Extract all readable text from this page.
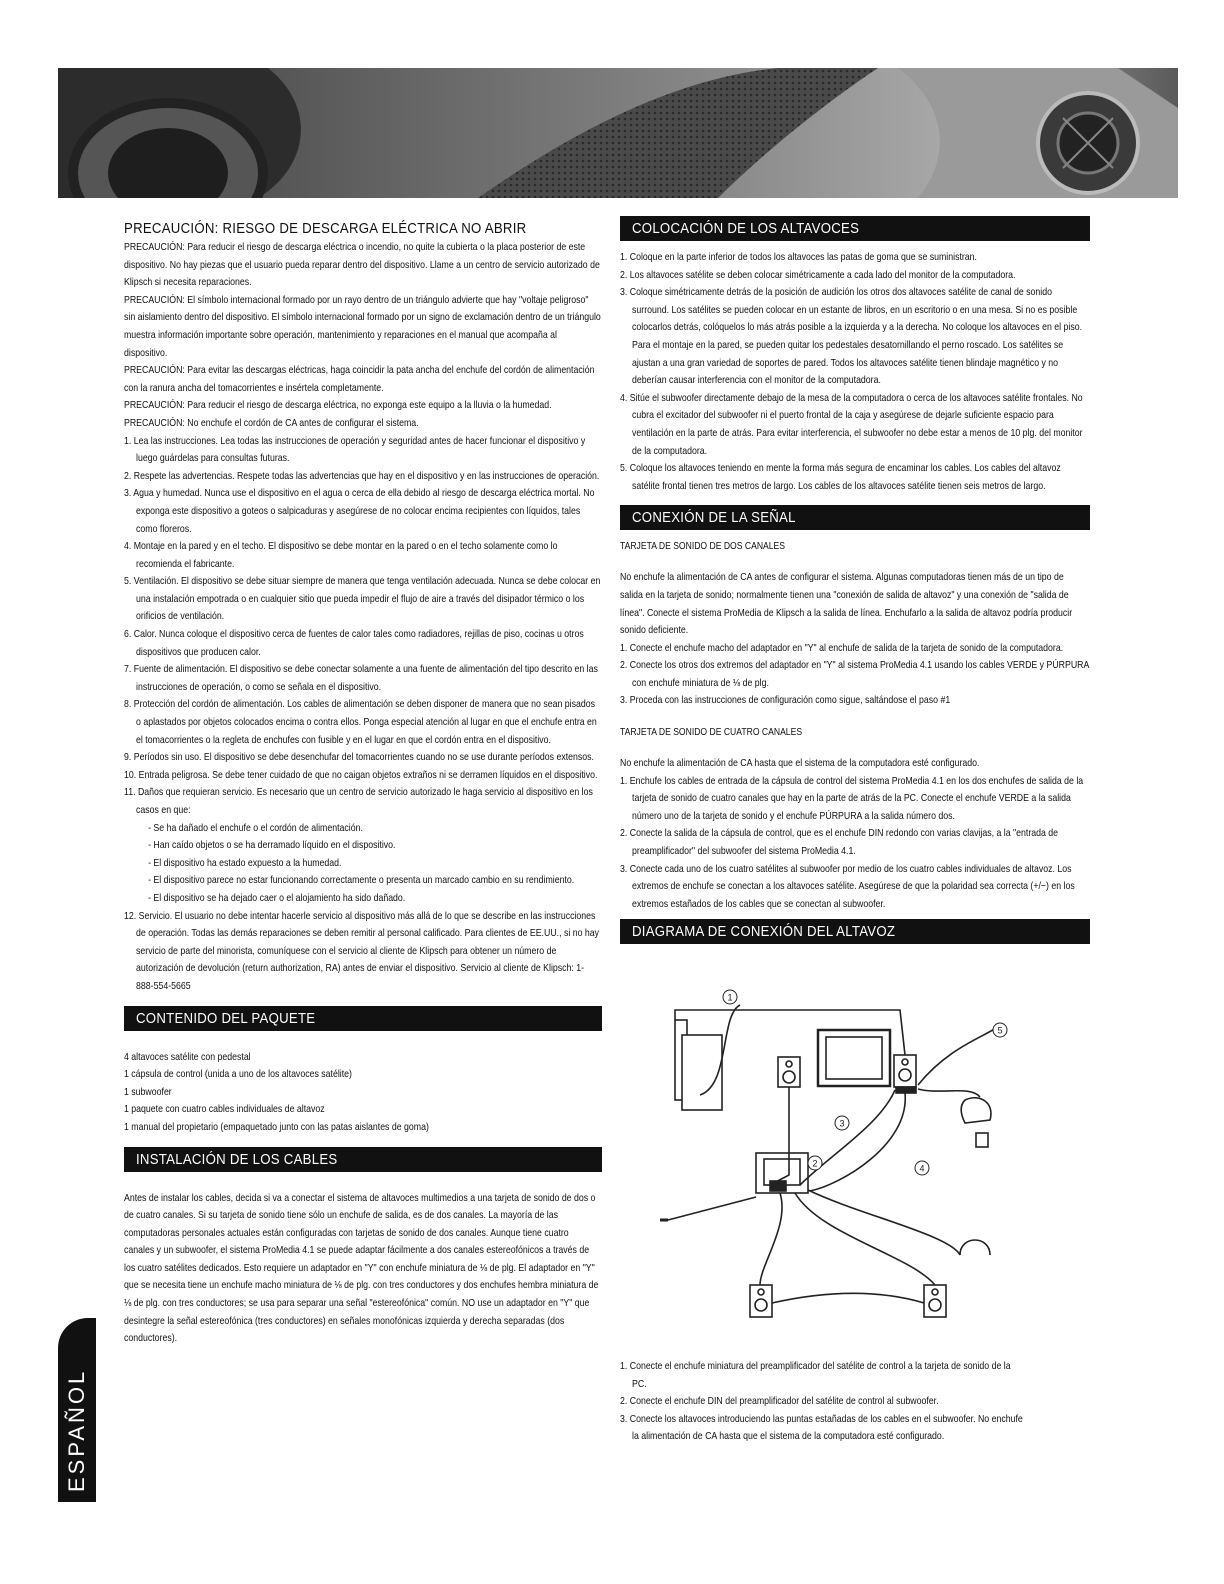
PRECAUCIÓN: RIESGO DE DESCARGA ELÉCTRICA NO ABRIR

PRECAUCIÓN: Para reducir el riesgo de descarga eléctrica o incendio, no quite la cubierta o la placa posterior de este dispositivo. No hay piezas que el usuario pueda reparar dentro del dispositivo. Llame a un centro de servicio autorizado de Klipsch si necesita reparaciones.

PRECAUCIÓN: El símbolo internacional formado por un rayo dentro de un triángulo advierte que hay "voltaje peligroso" sin aislamiento dentro del dispositivo. El símbolo internacional formado por un signo de exclamación dentro de un triángulo muestra información importante sobre operación, mantenimiento y reparaciones en el manual que acompaña al dispositivo.

PRECAUCIÓN: Para evitar las descargas eléctricas, haga coincidir la pata ancha del enchufe del cordón de alimentación con la ranura ancha del tomacorrientes e insértela completamente.

PRECAUCIÓN: Para reducir el riesgo de descarga eléctrica, no exponga este equipo a la lluvia o la humedad.

PRECAUCIÓN: No enchufe el cordón de CA antes de configurar el sistema.

1. Lea las instrucciones. Lea todas las instrucciones de operación y seguridad antes de hacer funcionar el dispositivo y luego guárdelas para consultas futuras.

2. Respete las advertencias. Respete todas las advertencias que hay en el dispositivo y en las instrucciones de operación.

3. Agua y humedad. Nunca use el dispositivo en el agua o cerca de ella debido al riesgo de descarga eléctrica mortal. No exponga este dispositivo a goteos o salpicaduras y asegúrese de no colocar encima recipientes con líquidos, tales como floreros.

4. Montaje en la pared y en el techo. El dispositivo se debe montar en la pared o en el techo solamente como lo recomienda el fabricante.

5. Ventilación. El dispositivo se debe situar siempre de manera que tenga ventilación adecuada. Nunca se debe colocar en una instalación empotrada o en cualquier sitio que pueda impedir el flujo de aire a través del disipador térmico o los orificios de ventilación.

6. Calor. Nunca coloque el dispositivo cerca de fuentes de calor tales como radiadores, rejillas de piso, cocinas u otros dispositivos que producen calor.

7. Fuente de alimentación. El dispositivo se debe conectar solamente a una fuente de alimentación del tipo descrito en las instrucciones de operación, o como se señala en el dispositivo.

8. Protección del cordón de alimentación. Los cables de alimentación se deben disponer de manera que no sean pisados o aplastados por objetos colocados encima o contra ellos. Ponga especial atención al lugar en que el enchufe entra en el tomacorrientes o la regleta de enchufes con fusible y en el lugar en que el cordón entra en el dispositivo.

9. Períodos sin uso. El dispositivo se debe desenchufar del tomacorrientes cuando no se use durante períodos extensos.

10. Entrada peligrosa. Se debe tener cuidado de que no caigan objetos extraños ni se derramen líquidos en el dispositivo.

11. Daños que requieran servicio. Es necesario que un centro de servicio autorizado le haga servicio al dispositivo en los casos en que:

- Se ha dañado el enchufe o el cordón de alimentación.

- Han caído objetos o se ha derramado líquido en el dispositivo.

- El dispositivo ha estado expuesto a la humedad.

- El dispositivo parece no estar funcionando correctamente o presenta un marcado cambio en su rendimiento.

- El dispositivo se ha dejado caer o el alojamiento ha sido dañado.

12. Servicio. El usuario no debe intentar hacerle servicio al dispositivo más allá de lo que se describe en las instrucciones de operación. Todas las demás reparaciones se deben remitir al personal calificado. Para clientes de EE.UU., si no hay servicio de parte del minorista, comuníquese con el servicio al cliente de Klipsch para obtener un número de autorización de devolución (return authorization, RA) antes de enviar el dispositivo. Servicio al cliente de Klipsch: 1-888-554-5665

CONTENIDO DEL PAQUETE

4 altavoces satélite con pedestal

1 cápsula de control (unida a uno de los altavoces satélite)

1 subwoofer

1 paquete con cuatro cables individuales de altavoz

1 manual del propietario (empaquetado junto con las patas aislantes de goma)

INSTALACIÓN DE LOS CABLES
Antes de instalar los cables, decida si va a conectar el sistema de altavoces multimedios a una tarjeta de sonido de dos o de cuatro canales. Si su tarjeta de sonido tiene sólo un enchufe de salida, es de dos canales. La mayoría de las computadoras personales actuales están configuradas con tarjetas de sonido de dos canales. Aunque tiene cuatro canales y un subwoofer, el sistema ProMedia 4.1 se puede adaptar fácilmente a dos canales estereofónicos a través de los cuatro satélites dedicados. Esto requiere un adaptador en "Y" con enchufe miniatura de ⅛ de plg. El adaptador en "Y" que se necesita tiene un enchufe macho miniatura de ⅛ de plg. con tres conductores y dos enchufes hembra miniatura de ⅛ de plg. con tres conductores; se usa para separar una señal "estereofónica" común. NO use un adaptador en "Y" que desintegre la señal estereofónica (tres conductores) en señales monofónicas izquierda y derecha separadas (dos conductores).
COLOCACIÓN DE LOS ALTAVOCES

1. Coloque en la parte inferior de todos los altavoces las patas de goma que se suministran.

2. Los altavoces satélite se deben colocar simétricamente a cada lado del monitor de la computadora.

3. Coloque simétricamente detrás de la posición de audición los otros dos altavoces satélite de canal de sonido surround. Los satélites se pueden colocar en un estante de libros, en un escritorio o en una mesa. Si no es posible colocarlos detrás, colóquelos lo más atrás posible a la izquierda y a la derecha. No coloque los altavoces en el piso. Para el montaje en la pared, se pueden quitar los pedestales desatornillando el perno roscado. Los satélites se ajustan a una gran variedad de soportes de pared. Todos los altavoces satélite tienen blindaje magnético y no deberían causar interferencia con el monitor de la computadora.

4. Sitúe el subwoofer directamente debajo de la mesa de la computadora o cerca de los altavoces satélite frontales. No cubra el excitador del subwoofer ni el puerto frontal de la caja y asegúrese de dejarle suficiente espacio para ventilación en la parte de atrás. Para evitar interferencia, el subwoofer no debe estar a menos de 10 plg. del monitor de la computadora.

5. Coloque los altavoces teniendo en mente la forma más segura de encaminar los cables. Los cables del altavoz satélite frontal tienen tres metros de largo. Los cables de los altavoces satélite tienen seis metros de largo.

CONEXIÓN DE LA SEÑAL
TARJETA DE SONIDO DE DOS CANALES

No enchufe la alimentación de CA antes de configurar el sistema. Algunas computadoras tienen más de un tipo de salida en la tarjeta de sonido; normalmente tienen una "conexión de salida de altavoz" y una conexión de "salida de línea". Conecte el sistema ProMedia de Klipsch a la salida de línea. Enchufarlo a la salida de altavoz podría producir sonido deficiente.

1. Conecte el enchufe macho del adaptador en "Y" al enchufe de salida de la tarjeta de sonido de la computadora.

2. Conecte los otros dos extremos del adaptador en "Y" al sistema ProMedia 4.1 usando los cables VERDE y PÚRPURA con enchufe miniatura de ⅛ de plg.

3. Proceda con las instrucciones de configuración como sigue, saltándose el paso #1

TARJETA DE SONIDO DE CUATRO CANALES

No enchufe la alimentación de CA hasta que el sistema de la computadora esté configurado.

1. Enchufe los cables de entrada de la cápsula de control del sistema ProMedia 4.1 en los dos enchufes de salida de la tarjeta de sonido de cuatro canales que hay en la parte de atrás de la PC. Conecte el enchufe VERDE a la salida número uno de la tarjeta de sonido y el enchufe PÚRPURA a la salida número dos.

2. Conecte la salida de la cápsula de control, que es el enchufe DIN redondo con varias clavijas, a la "entrada de preamplificador" del subwoofer del sistema ProMedia 4.1.

3. Conecte cada uno de los cuatro satélites al subwoofer por medio de los cuatro cables individuales de altavoz. Los extremos de enchufe se conectan a los altavoces satélite. Asegúrese de que la polaridad sea correcta (+/−) en los extremos estañados de los cables que se conectan al subwoofer.

DIAGRAMA DE CONEXIÓN DEL ALTAVOZ
1
2
3
4
5

1. Conecte el enchufe miniatura del preamplificador del satélite de control a la tarjeta de sonido de la PC.

2. Conecte el enchufe DIN del preamplificador del satélite de control al subwoofer.

3. Conecte los altavoces introduciendo las puntas estañadas de los cables en el subwoofer. No enchufe la alimentación de CA hasta que el sistema de la computadora esté configurado.

ESPAÑOL
